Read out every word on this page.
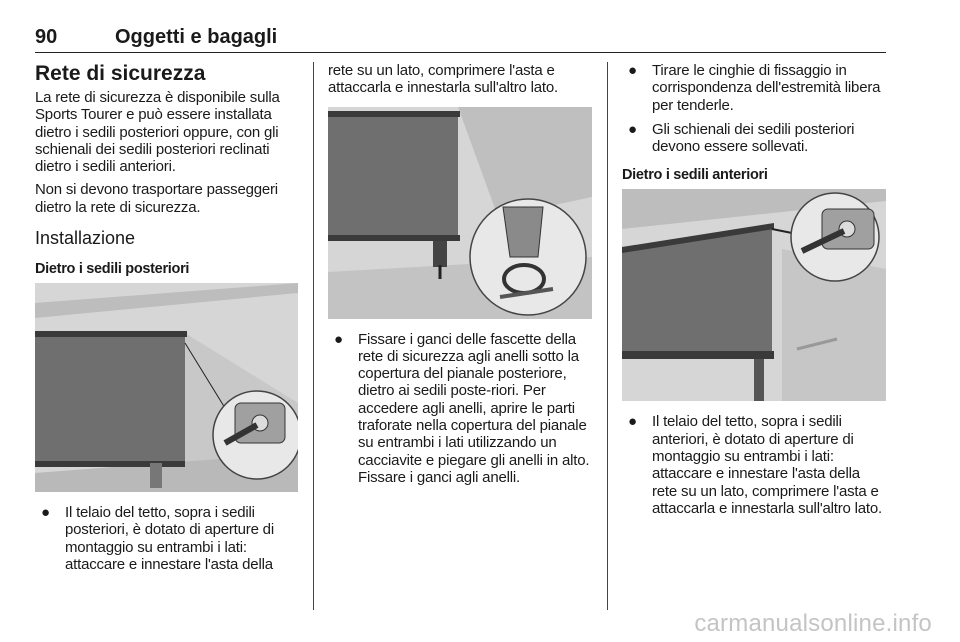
90	Oggetti e bagagli
Rete di sicurezza

La rete di sicurezza è disponibile sulla Sports Tourer e può essere installata dietro i sedili posteriori oppure, con gli schienali dei sedili posteriori reclinati dietro i sedili anteriori.

Non si devono trasportare passeggeri dietro la rete di sicurezza.

Installazione
Dietro i sedili posteriori
● Il telaio del tetto, sopra i sedili posteriori, è dotato di aperture di montaggio su entrambi i lati: attaccare e innestare l'asta della

rete su un lato, comprimere l'asta e attaccarla e innestarla sull'altro lato.

● Fissare i ganci delle fascette della rete di sicurezza agli anelli sotto la copertura del pianale posteriore, dietro ai sedili poste-riori. Per accedere agli anelli, aprire le parti traforate nella copertura del pianale su entrambi i lati utilizzando un cacciavite e piegare gli anelli in alto. Fissare i ganci agli anelli.
● Tirare le cinghie di fissaggio in corrispondenza dell'estremità libera per tenderle.
● Gli schienali dei sedili posteriori devono essere sollevati.
Dietro i sedili anteriori
● Il telaio del tetto, sopra i sedili anteriori, è dotato di aperture di montaggio su entrambi i lati: attaccare e innestare l'asta della rete su un lato, comprimere l'asta e attaccarla e innestarla sull'altro lato.
carmanualsonline.info
